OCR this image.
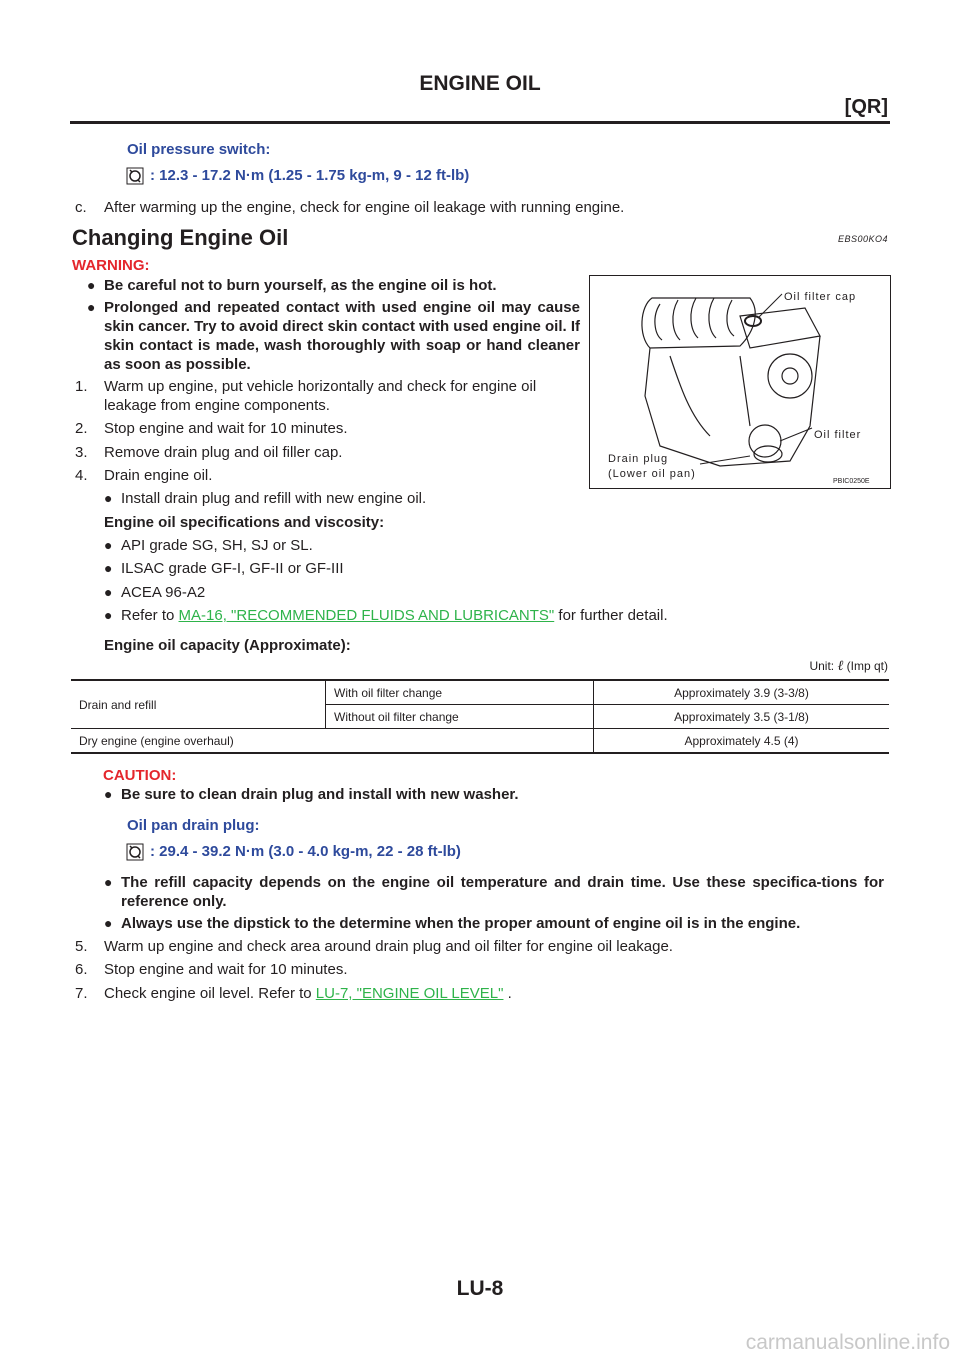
ENGINE OIL
[QR]
Oil pressure switch:
: 12.3 - 17.2 N·m (1.25 - 1.75 kg-m, 9 - 12 ft-lb)
c. After warming up the engine, check for engine oil leakage with running engine.
Changing Engine Oil	EBS00KO4
WARNING:
● Be careful not to burn yourself, as the engine oil is hot.
● Prolonged and repeated contact with used engine oil may cause skin cancer. Try to avoid direct skin contact with used engine oil. If skin contact is made, wash thoroughly with soap or hand cleaner as soon as possible.
1. Warm up engine, put vehicle horizontally and check for engine oil leakage from engine components.
2. Stop engine and wait for 10 minutes.
3. Remove drain plug and oil filler cap.
4. Drain engine oil.
Oil filter cap
Oil filter
Drain plug
(Lower oil pan)
PBIC0250E
● Install drain plug and refill with new engine oil.
Engine oil specifications and viscosity:
● API grade SG, SH, SJ or SL.
● ILSAC grade GF-I, GF-II or GF-III
● ACEA 96-A2
● Refer to MA-16, "RECOMMENDED FLUIDS AND LUBRICANTS" for further detail.
Engine oil capacity (Approximate):
Unit: ℓ (Imp qt)
Drain and refill	With oil filter change	Approximately 3.9 (3-3/8)
	Without oil filter change	Approximately 3.5 (3-1/8)
Dry engine (engine overhaul)		Approximately 4.5 (4)
CAUTION:
● Be sure to clean drain plug and install with new washer.
Oil pan drain plug:
: 29.4 - 39.2 N·m (3.0 - 4.0 kg-m, 22 - 28 ft-lb)
● The refill capacity depends on the engine oil temperature and drain time. Use these specifica-tions for reference only.
● Always use the dipstick to the determine when the proper amount of engine oil is in the engine.
5. Warm up engine and check area around drain plug and oil filter for engine oil leakage.
6. Stop engine and wait for 10 minutes.
7. Check engine oil level. Refer to LU-7, "ENGINE OIL LEVEL" .
LU-8
carmanualsonline.info
